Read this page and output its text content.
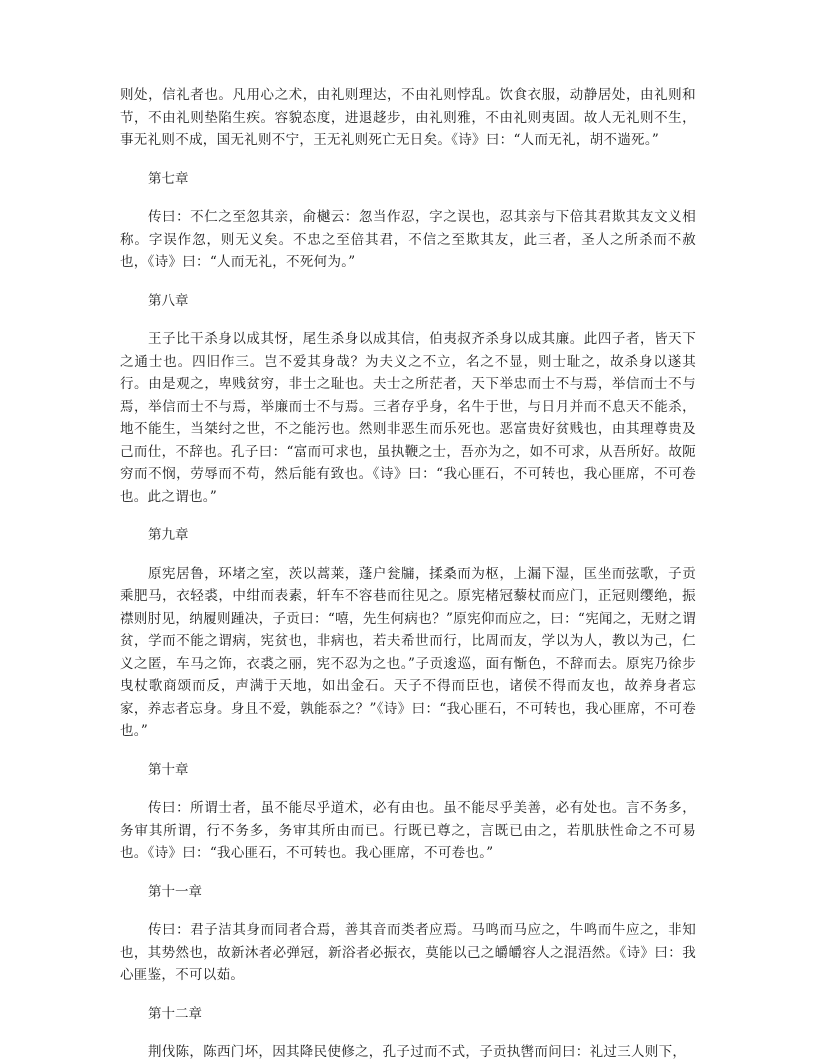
则处，信礼者也。凡用心之术，由礼则理达，不由礼则悖乱。饮食衣服，动静居处，由礼则和节，不由礼则垫陷生疾。容貌态度，进退趍步，由礼则雅，不由礼则夷固。故人无礼则不生，事无礼则不成，国无礼则不宁，王无礼则死亡无日矣。《诗》曰：“人而无礼，胡不遄死。”

第七章

传曰：不仁之至忽其亲，俞樾云：忽当作忍，字之误也，忍其亲与下倍其君欺其友文义相称。字误作忽，则无义矣。不忠之至倍其君，不信之至欺其友，此三者，圣人之所杀而不赦也，《诗》曰：“人而无礼，不死何为。”

第八章

王子比干杀身以成其㤉，尾生杀身以成其信，伯夷叔齐杀身以成其廉。此四子者，皆天下之通士也。四旧作三。岂不爱其身哉？为夫义之不立，名之不显，则士耻之，故杀身以遂其行。由是观之，卑贱贫穷，非士之耻也。夫士之所茫者，天下举忠而士不与焉，举信而士不与焉，举信而士不与焉，举廉而士不与焉。三者存乎身，名牛于世，与日月并而不息天不能杀，地不能生，当桀纣之世，不之能污也。然则非恶生而乐死也。恶富贵好贫贱也，由其理尊贵及己而仕，不辞也。孔子曰：“富而可求也，虽执鞭之士，吾亦为之，如不可求，从吾所好。故阨穷而不悯，劳辱而不苟，然后能有致也。《诗》曰：“我心匪石，不可转也，我心匪席，不可卷也。此之谓也。”

第九章

原宪居鲁，环堵之室，茨以蒿莱，蓬户瓮牖，揉桑而为枢，上漏下湿，匡坐而弦歌，子贡乘肥马，衣轻裘，中绀而表素，轩车不容巷而往见之。原宪楮冠藜杖而应门，正冠则缨绝，振襟则肘见，纳履则踵决，子贡曰：“嘻，先生何病也？”原宪仰而应之，曰：“宪闻之，无财之谓贫，学而不能之谓病，宪贫也，非病也，若夫希世而行，比周而友，学以为人，教以为己，仁义之匿，车马之饰，衣裘之丽，宪不忍为之也。”子贡逡巡，面有惭色，不辞而去。原宪乃徐步曳杖歌商颂而反，声满于天地，如出金石。天子不得而臣也，诸侯不得而友也，故养身者忘家，养志者忘身。身且不爱，孰能忝之？”《诗》曰：“我心匪石，不可转也，我心匪席，不可卷也。”

第十章

传曰：所谓士者，虽不能尽乎道术，必有由也。虽不能尽乎美善，必有处也。言不务多，务审其所谓，行不务多，务审其所由而已。行既已尊之，言既已由之，若肌肤性命之不可易也。《诗》曰：“我心匪石，不可转也。我心匪席，不可卷也。”

第十一章

传曰：君子洁其身而同者合焉，善其音而类者应焉。马鸣而马应之，牛鸣而牛应之，非知也，其势然也，故新沐者必弹冠，新浴者必振衣，莫能以己之皭皭容人之混浯然。《诗》曰：我心匪鉴，不可以茹。

第十二章

荆伐陈，陈西门坏，因其降民使修之，孔子过而不式，子贡执辔而问曰：礼过三人则下，
